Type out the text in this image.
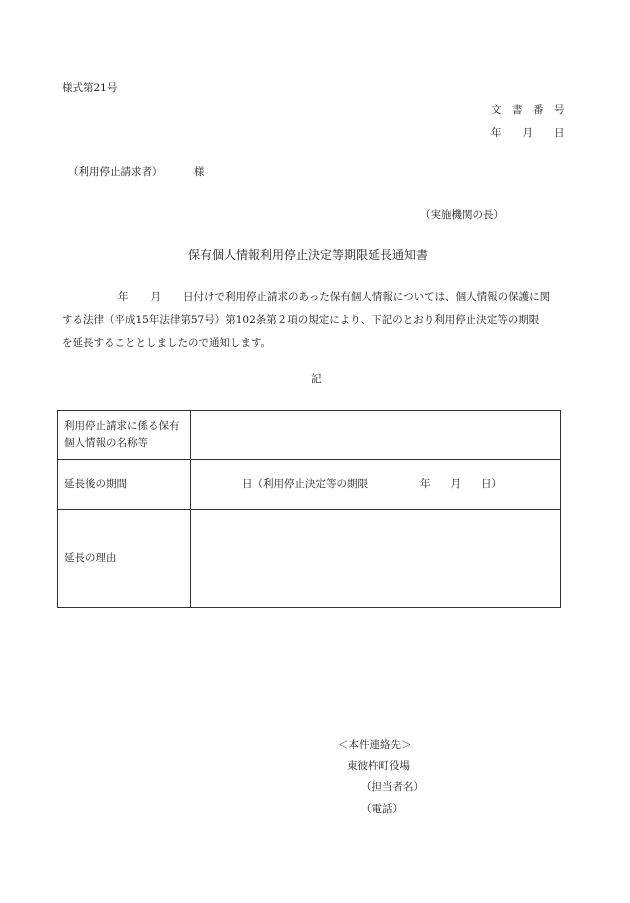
様式第21号
文　書　番　号
年　　月　　日
（利用停止請求者）	様
（実施機関の長）
保有個人情報利用停止決定等期限延長通知書
年 月 日付けで利用停止請求のあった保有個人情報については、個人情報の保護に関
する法律（平成15年法律第57号）第102条第２項の規定により、下記のとおり利用停止決定等の期限
を延長することとしましたので通知します。
記
利用停止請求に係る保有
個人情報の名称等	

延長後の期間	日（利用停止決定等の期限 年 月 日）

延長の理由	
＜本件連絡先＞
東彼杵町役場
（担当者名）
（電話）
